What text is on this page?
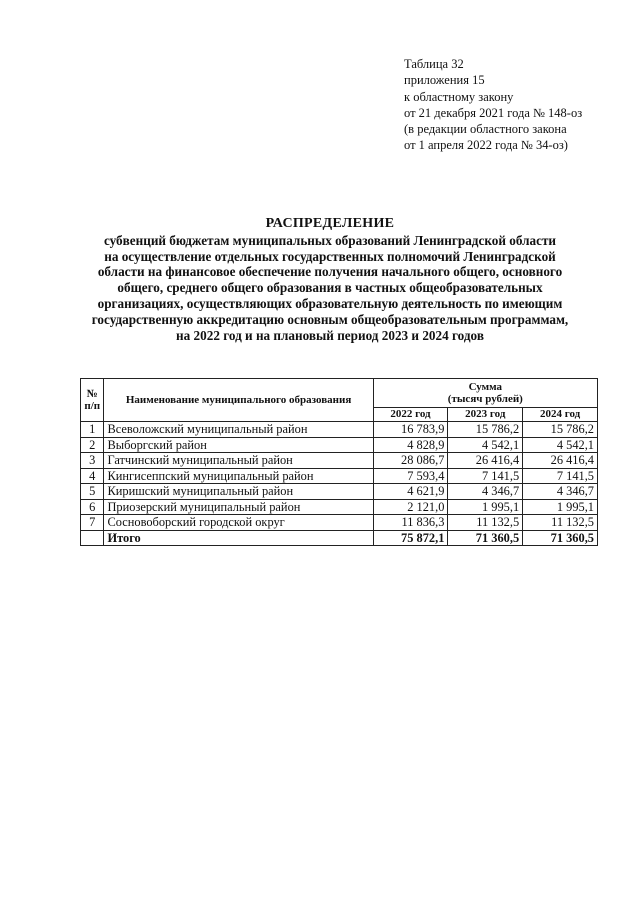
Таблица 32
приложения 15
к областному закону
от 21 декабря 2021 года № 148-оз
(в редакции областного закона
от 1 апреля 2022 года № 34-оз)
РАСПРЕДЕЛЕНИЕ
субвенций бюджетам муниципальных образований Ленинградской области
на осуществление отдельных государственных полномочий Ленинградской
области на финансовое обеспечение получения начального общего, основного
общего, среднего общего образования в частных общеобразовательных
организациях, осуществляющих образовательную деятельность по имеющим
государственную аккредитацию основным общеобразовательным программам,
на 2022 год и на плановый период 2023 и 2024 годов
№ п/п	Наименование муниципального образования	Сумма
(тысяч рублей)		

		2022 год	2023 год	2024 год
1	Всеволожский муниципальный район	16 783,9	15 786,2	15 786,2
2	Выборгский район	4 828,9	4 542,1	4 542,1
3	Гатчинский муниципальный район	28 086,7	26 416,4	26 416,4
4	Кингисеппский муниципальный район	7 593,4	7 141,5	7 141,5
5	Киришский муниципальный район	4 621,9	4 346,7	4 346,7
6	Приозерский муниципальный район	2 121,0	1 995,1	1 995,1
7	Сосновоборский городской округ	11 836,3	11 132,5	11 132,5
	Итого	75 872,1	71 360,5	71 360,5
